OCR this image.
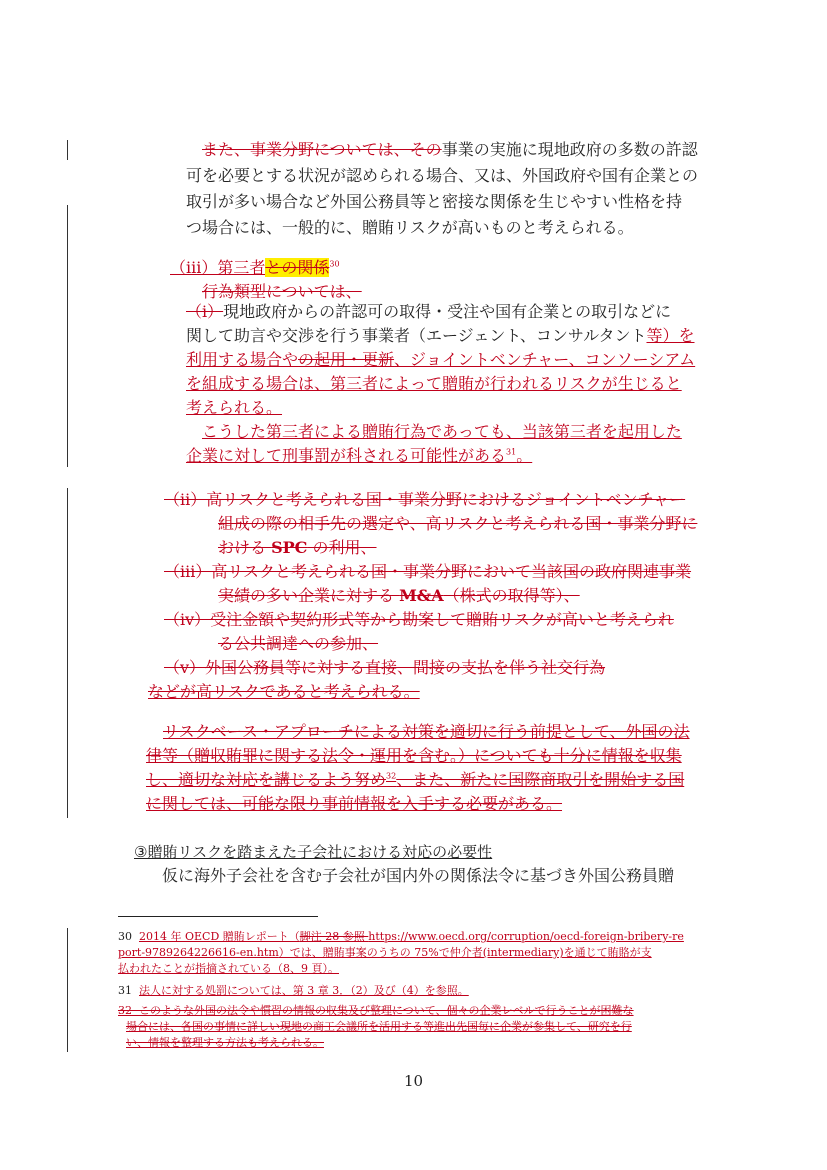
また、事業分野については、その事業の実施に現地政府の多数の許認
可を必要とする状況が認められる場合、又は、外国政府や国有企業との
取引が多い場合など外国公務員等と密接な関係を生じやすい性格を持
つ場合には、一般的に、贈賄リスクが高いものと考えられる。
（iii）第三者との関係$^{30}$
行為類型については、
（ⅰ）現地政府からの許認可の取得・受注や国有企業との取引などに
関して助言や交渉を行う事業者（エージェント、コンサルタント等）を
利用する場合やの起用・更新、ジョイントベンチャー、コンソーシアム
を組成する場合は、第三者によって贈賄が行われるリスクが生じると
考えられる。
こうした第三者による贈賄行為であっても、当該第三者を起用した
企業に対して刑事罰が科される可能性がある$^{31}$。
（ⅱ）高リスクと考えられる国・事業分野におけるジョイントベンチャー
組成の際の相手先の選定や、高リスクと考えられる国・事業分野に
おける SPC の利用、
（ⅲ）高リスクと考えられる国・事業分野において当該国の政府関連事業
実績の多い企業に対する M&A（株式の取得等）、
（ⅳ）受注金額や契約形式等から勘案して贈賄リスクが高いと考えられ
る公共調達への参加、
（ⅴ）外国公務員等に対する直接、間接の支払を伴う社交行為
などが高リスクであると考えられる。
リスクベース・アプローチによる対策を適切に行う前提として、外国の法
律等（贈収賄罪に関する法令・運用を含む。）についても十分に情報を収集
し、適切な対応を講じるよう努め$^{32}$、また、新たに国際商取引を開始する国
に関しては、可能な限り事前情報を入手する必要がある。
③贈賄リスクを踏まえた子会社における対応の必要性
仮に海外子会社を含む子会社が国内外の関係法令に基づき外国公務員贈
30 2014 年 OECD 贈賄レポート（脚注 28 参照 https://www.oecd.org/corruption/oecd-foreign-bribery-re
port-9789264226616-en.htm）では、贈賄事案のうちの 75%で仲介者(intermediary)を通じて賄賂が支
払われたことが指摘されている（8、9 頁）。
31 法人に対する処罰については、第 3 章 3．（2）及び（4）を参照。
32 このような外国の法令や慣習の情報の収集及び整理について、個々の企業レベルで行うことが困難な
場合には、各国の事情に詳しい現地の商工会議所を活用する等進出先国毎に企業が参集して、研究を行
い、情報を整理する方法も考えられる。
10
